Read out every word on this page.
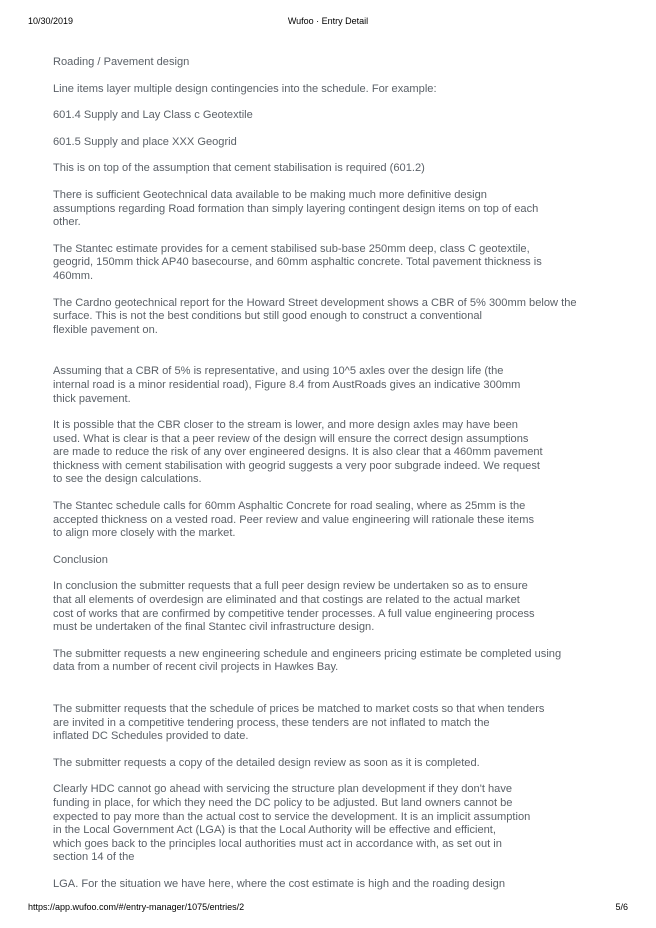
10/30/2019	Wufoo · Entry Detail

Roading / Pavement design

Line items layer multiple design contingencies into the schedule. For example:

601.4 Supply and Lay Class c Geotextile

601.5 Supply and place XXX Geogrid

This is on top of the assumption that cement stabilisation is required (601.2)

There is sufficient Geotechnical data available to be making much more definitive design
assumptions regarding Road formation than simply layering contingent design items on top of each
other.

The Stantec estimate provides for a cement stabilised sub-base 250mm deep, class C geotextile,
geogrid, 150mm thick AP40 basecourse, and 60mm asphaltic concrete. Total pavement thickness is
460mm.

The Cardno geotechnical report for the Howard Street development shows a CBR of 5% 300mm below the
surface. This is not the best conditions but still good enough to construct a conventional
flexible pavement on.

Assuming that a CBR of 5% is representative, and using 10^5 axles over the design life (the
internal road is a minor residential road), Figure 8.4 from AustRoads gives an indicative 300mm
thick pavement.

It is possible that the CBR closer to the stream is lower, and more design axles may have been
used. What is clear is that a peer review of the design will ensure the correct design assumptions
are made to reduce the risk of any over engineered designs. It is also clear that a 460mm pavement
thickness with cement stabilisation with geogrid suggests a very poor subgrade indeed. We request
to see the design calculations.

The Stantec schedule calls for 60mm Asphaltic Concrete for road sealing, where as 25mm is the
accepted thickness on a vested road. Peer review and value engineering will rationale these items
to align more closely with the market.

Conclusion

In conclusion the submitter requests that a full peer design review be undertaken so as to ensure
that all elements of overdesign are eliminated and that costings are related to the actual market
cost of works that are confirmed by competitive tender processes. A full value engineering process
must be undertaken of the final Stantec civil infrastructure design.

The submitter requests a new engineering schedule and engineers pricing estimate be completed using
data from a number of recent civil projects in Hawkes Bay.

The submitter requests that the schedule of prices be matched to market costs so that when tenders
are invited in a competitive tendering process, these tenders are not inflated to match the
inflated DC Schedules provided to date.

The submitter requests a copy of the detailed design review as soon as it is completed.

Clearly HDC cannot go ahead with servicing the structure plan development if they don't have
funding in place, for which they need the DC policy to be adjusted. But land owners cannot be
expected to pay more than the actual cost to service the development. It is an implicit assumption
in the Local Government Act (LGA) is that the Local Authority will be effective and efficient,
which goes back to the principles local authorities must act in accordance with, as set out in
section 14 of the

LGA. For the situation we have here, where the cost estimate is high and the roading design

https://app.wufoo.com/#/entry-manager/1075/entries/2	5/6
